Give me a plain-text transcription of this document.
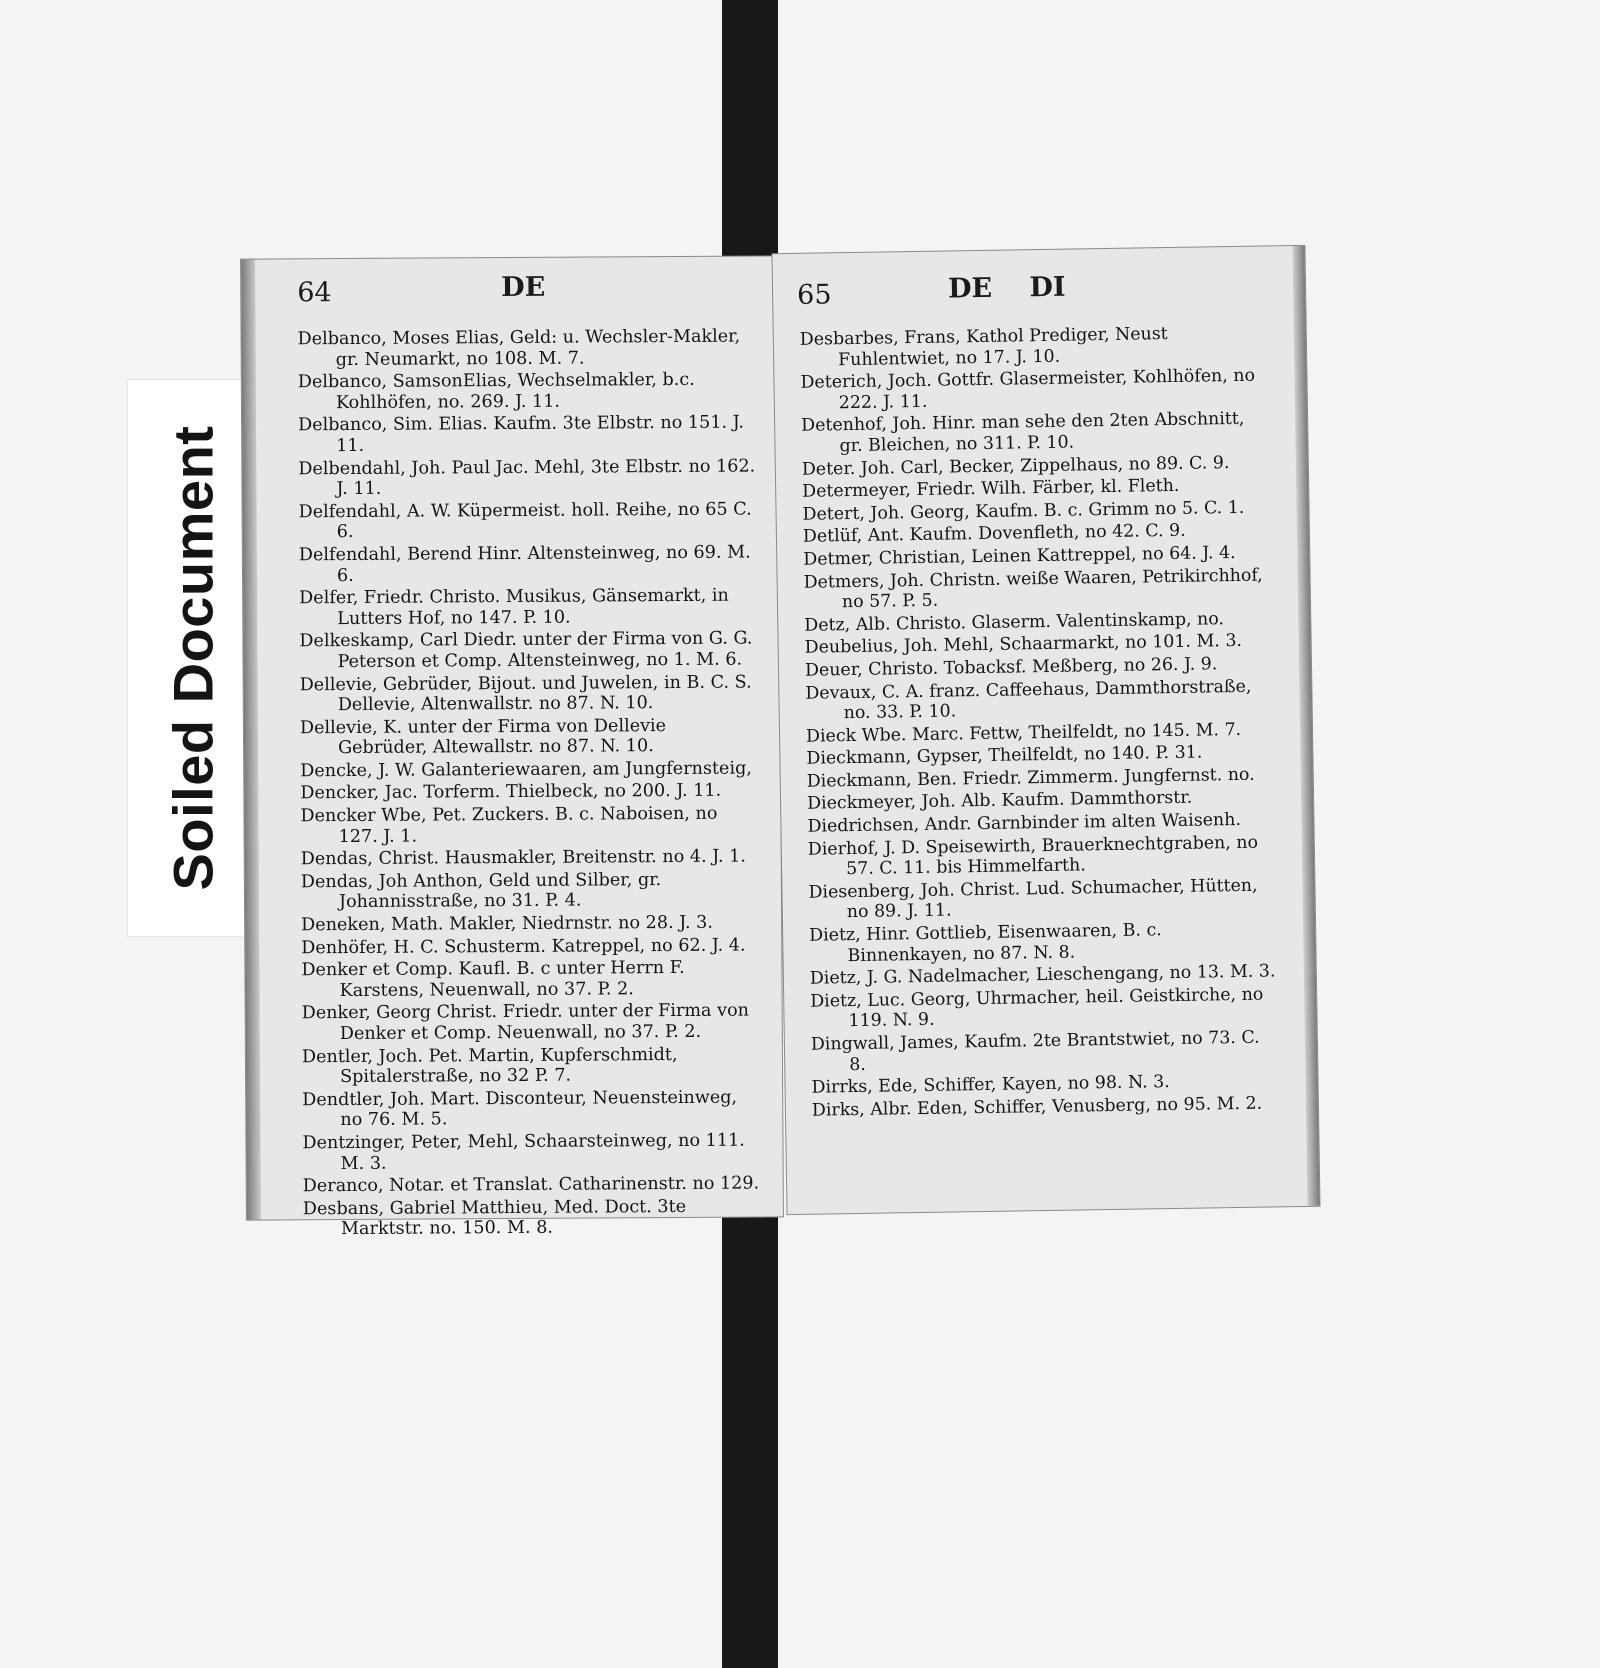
Soiled Document
64	DE
Delbanco, Moses Elias, Geld: u. Wechsler-Makler, gr. Neumarkt, no 108. M. 7.
Delbanco, SamsonElias, Wechselmakler, b.c. Kohlhöfen, no. 269. J. 11.
Delbanco, Sim. Elias. Kaufm. 3te Elbstr. no 151. J. 11.
Delbendahl, Joh. Paul Jac. Mehl, 3te Elbstr. no 162. J. 11.
Delfendahl, A. W. Küpermeist. holl. Reihe, no 65 C. 6.
Delfendahl, Berend Hinr. Altensteinweg, no 69. M. 6.
Delfer, Friedr. Christo. Musikus, Gänsemarkt, in Lutters Hof, no 147. P. 10.
Delkeskamp, Carl Diedr. unter der Firma von G. G. Peterson et Comp. Altensteinweg, no 1. M. 6.
Dellevie, Gebrüder, Bijout. und Juwelen, in B. C. S. Dellevie, Altenwallstr. no 87. N. 10.
Dellevie, K. unter der Firma von Dellevie Gebrüder, Altewallstr. no 87. N. 10.
Dencke, J. W. Galanteriewaaren, am Jungfernsteig,
Dencker, Jac. Torferm. Thielbeck, no 200. J. 11.
Dencker Wbe, Pet. Zuckers. B. c. Naboisen, no 127. J. 1.
Dendas, Christ. Hausmakler, Breitenstr. no 4. J. 1.
Dendas, Joh Anthon, Geld und Silber, gr. Johannisstraße, no 31. P. 4.
Deneken, Math. Makler, Niedrnstr. no 28. J. 3.
Denhöfer, H. C. Schusterm. Katreppel, no 62. J. 4.
Denker et Comp. Kaufl. B. c unter Herrn F. Karstens, Neuenwall, no 37. P. 2.
Denker, Georg Christ. Friedr. unter der Firma von Denker et Comp. Neuenwall, no 37. P. 2.
Dentler, Joch. Pet. Martin, Kupferschmidt, Spitalerstraße, no 32 P. 7.
Dendtler, Joh. Mart. Disconteur, Neuensteinweg, no 76. M. 5.
Dentzinger, Peter, Mehl, Schaarsteinweg, no 111. M. 3.
Deranco, Notar. et Translat. Catharinenstr. no 129.
Desbans, Gabriel Matthieu, Med. Doct. 3te Marktstr. no. 150. M. 8.
65	DE DI
Desbarbes, Frans, Kathol Prediger, Neust Fuhlentwiet, no 17. J. 10.
Deterich, Joch. Gottfr. Glasermeister, Kohlhöfen, no 222. J. 11.
Detenhof, Joh. Hinr. man sehe den 2ten Abschnitt, gr. Bleichen, no 311. P. 10.
Deter. Joh. Carl, Becker, Zippelhaus, no 89. C. 9.
Determeyer, Friedr. Wilh. Färber, kl. Fleth.
Detert, Joh. Georg, Kaufm. B. c. Grimm no 5. C. 1.
Detlüf, Ant. Kaufm. Dovenfleth, no 42. C. 9.
Detmer, Christian, Leinen Kattreppel, no 64. J. 4.
Detmers, Joh. Christn. weiße Waaren, Petrikirchhof, no 57. P. 5.
Detz, Alb. Christo. Glaserm. Valentinskamp, no.
Deubelius, Joh. Mehl, Schaarmarkt, no 101. M. 3.
Deuer, Christo. Tobacksf. Meßberg, no 26. J. 9.
Devaux, C. A. franz. Caffeehaus, Dammthorstraße, no. 33. P. 10.
Dieck Wbe. Marc. Fettw, Theilfeldt, no 145. M. 7.
Dieckmann, Gypser, Theilfeldt, no 140. P. 31.
Dieckmann, Ben. Friedr. Zimmerm. Jungfernst. no.
Dieckmeyer, Joh. Alb. Kaufm. Dammthorstr.
Diedrichsen, Andr. Garnbinder im alten Waisenh.
Dierhof, J. D. Speisewirth, Brauerknechtgraben, no 57. C. 11. bis Himmelfarth.
Diesenberg, Joh. Christ. Lud. Schumacher, Hütten, no 89. J. 11.
Dietz, Hinr. Gottlieb, Eisenwaaren, B. c. Binnenkayen, no 87. N. 8.
Dietz, J. G. Nadelmacher, Lieschengang, no 13. M. 3.
Dietz, Luc. Georg, Uhrmacher, heil. Geistkirche, no 119. N. 9.
Dingwall, James, Kaufm. 2te Brantstwiet, no 73. C. 8.
Dirrks, Ede, Schiffer, Kayen, no 98. N. 3.
Dirks, Albr. Eden, Schiffer, Venusberg, no 95. M. 2.
